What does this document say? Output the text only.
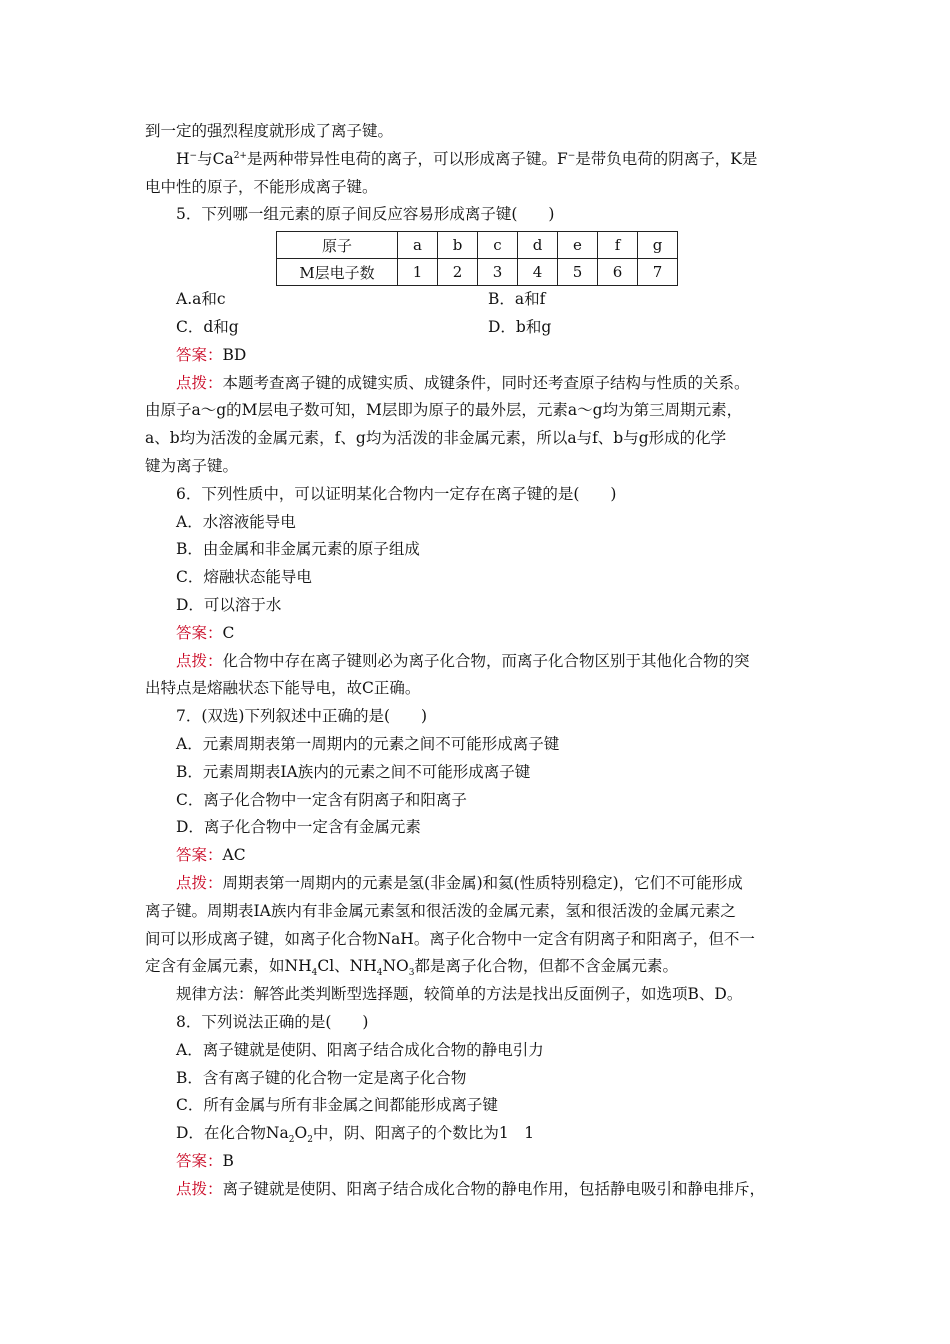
到一定的强烈程度就形成了离子键。

H−与$Ca^{2+}$是两种带异性电荷的离子，可以形成离子键。F−是带负电荷的阴离子，K是

电中性的原子，不能形成离子键。

5．下列哪一组元素的原子间反应容易形成离子键(　　)

原子	a	b	c	d	e	f	g
M层电子数	1	2	3	4	5	6	7
A.a和c	B．a和f
C．d和g	D．b和g

答案：BD

点拨：本题考查离子键的成键实质、成键条件，同时还考查原子结构与性质的关系。

由原子a～g的M层电子数可知，M层即为原子的最外层，元素a～g均为第三周期元素，

a、b均为活泼的金属元素，f、g均为活泼的非金属元素，所以a与f、b与g形成的化学

键为离子键。

6．下列性质中，可以证明某化合物内一定存在离子键的是(　　)

A．水溶液能导电

B．由金属和非金属元素的原子组成

C．熔融状态能导电

D．可以溶于水

答案：C

点拨：化合物中存在离子键则必为离子化合物，而离子化合物区别于其他化合物的突

出特点是熔融状态下能导电，故C正确。

7．(双选)下列叙述中正确的是(　　)

A．元素周期表第一周期内的元素之间不可能形成离子键

B．元素周期表ⅠA族内的元素之间不可能形成离子键

C．离子化合物中一定含有阴离子和阳离子

D．离子化合物中一定含有金属元素

答案：AC

点拨：周期表第一周期内的元素是氢(非金属)和氦(性质特别稳定)，它们不可能形成

离子键。周期表ⅠA族内有非金属元素氢和很活泼的金属元素，氢和很活泼的金属元素之

间可以形成离子键，如离子化合物NaH。离子化合物中一定含有阴离子和阳离子，但不一

定含有金属元素，如$NH_4Cl$、$NH_4NO_3$都是离子化合物，但都不含金属元素。

规律方法：解答此类判断型选择题，较简单的方法是找出反面例子，如选项B、D。

8．下列说法正确的是(　　)

A．离子键就是使阴、阳离子结合成化合物的静电引力

B．含有离子键的化合物一定是离子化合物

C．所有金属与所有非金属之间都能形成离子键

D．在化合物$Na_2O_2$中，阴、阳离子的个数比为1　1

答案：B

点拨：离子键就是使阴、阳离子结合成化合物的静电作用，包括静电吸引和静电排斥，
